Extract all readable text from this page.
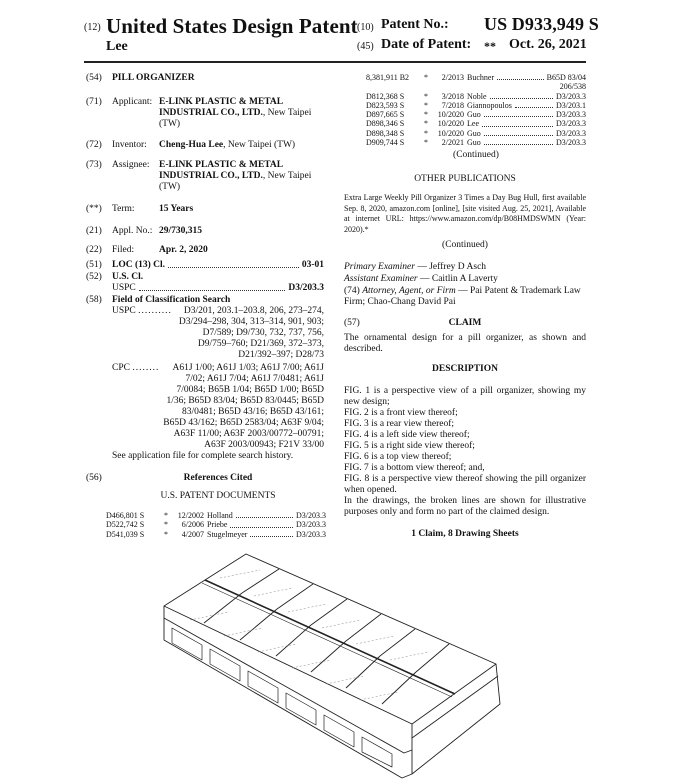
(12) United States Design Patent
Lee
(10) Patent No.: US D933,949 S
(45) Date of Patent: ** Oct. 26, 2021
(54) PILL ORGANIZER
(71) Applicant: E-LINK PLASTIC & METAL
INDUSTRIAL CO., LTD., New Taipei
(TW)
(72) Inventor: Cheng-Hua Lee, New Taipei (TW)
(73) Assignee: E-LINK PLASTIC & METAL
INDUSTRIAL CO., LTD., New Taipei
(TW)
(**) Term:	15 Years
(21) Appl. No.: 29/730,315
(22) Filed:	Apr. 2, 2020
(51) LOC (13) Cl.	03-01
(52) U.S. Cl.
USPC	D3/203.3
(58) Field of Classification Search
USPC ..........	D3/201, 203.1–203.8, 206, 273–274,
D3/294–298, 304, 313–314, 901, 903;
D7/589; D9/730, 732, 737, 756,
D9/759–760; D21/369, 372–373,
D21/392–397; D28/73
CPC ........	A61J 1/00; A61J 1/03; A61J 7/00; A61J
7/02; A61J 7/04; A61J 7/0481; A61J
7/0084; B65B 1/04; B65D 1/00; B65D
1/36; B65D 83/04; B65D 83/0445; B65D
83/0481; B65D 43/16; B65D 43/161;
B65D 43/162; B65D 2583/04; A63F 9/04;
A63F 11/00; A63F 2003/00772–00791;
A63F 2003/00943; F21V 33/00
See application file for complete search history.
(56)	References Cited
U.S. PATENT DOCUMENTS
D466,801 S	*	12/2002 Holland	D3/203.3
D522,742 S	*	6/2006 Priebe	D3/203.3
D541,039 S	*	4/2007 Stugelmeyer	D3/203.3
8,381,911 B2	*	2/2013 Buchner	B65D 83/04
206/538
D812,368 S	*	3/2018 Noble	D3/203.3
D823,593 S	*	7/2018 Giannopoulos	D3/203.1
D897,665 S	*	10/2020 Guo	D3/203.3
D898,346 S	*	10/2020 Lee	D3/203.3
D898,348 S	*	10/2020 Guo	D3/203.3
D909,744 S	*	2/2021 Guo	D3/203.3
(Continued)
OTHER PUBLICATIONS
Extra Large Weekly Pill Organizer 3 Times a Day Bug Hull, first available Sep. 8, 2020, amazon.com [online], [site visited Aug. 25, 2021], Available at internet URL: https://www.amazon.com/dp/B08HMDSWMN (Year: 2020).*
(Continued)
Primary Examiner — Jeffrey D Asch
Assistant Examiner — Caitlin A Laverty
(74) Attorney, Agent, or Firm — Pai Patent & Trademark Law Firm; Chao-Chang David Pai
(57)	CLAIM
The ornamental design for a pill organizer, as shown and described.
DESCRIPTION
FIG. 1 is a perspective view of a pill organizer, showing my new design;
FIG. 2 is a front view thereof;
FIG. 3 is a rear view thereof;
FIG. 4 is a left side view thereof;
FIG. 5 is a right side view thereof;
FIG. 6 is a top view thereof;
FIG. 7 is a bottom view thereof; and,
FIG. 8 is a perspective view thereof showing the pill organizer when opened.
In the drawings, the broken lines are shown for illustrative purposes only and form no part of the claimed design.
1 Claim, 8 Drawing Sheets
